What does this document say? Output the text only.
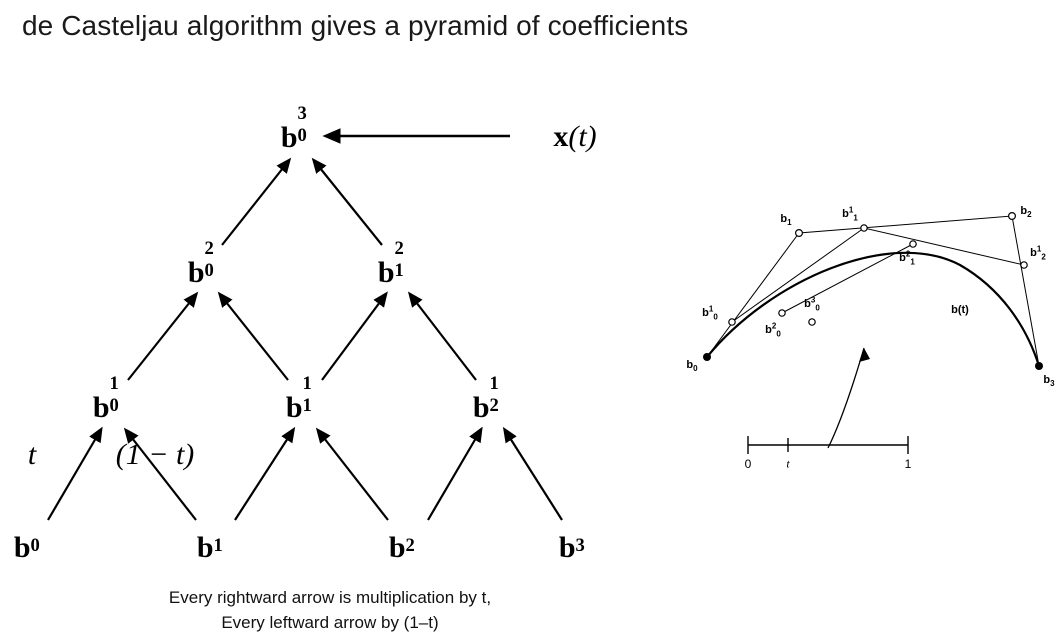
de Casteljau algorithm gives a pyramid of coefficients
b
3
0
b
2
0	b
2
1
b
1
0	b
1
1	b
1
2
b 0	b 1	b 2	b 3
t	(1 − t)
x(t)
Every rightward arrow is multiplication by t,
Every leftward arrow by (1–t)
$b_0$
$b_1$
$b_2$
$b_3$
$b^1_0$
$b^1_1$
$b^1_2$
$b^2_0$
$b^2_1$
$b^3_0$	b(t)
0	t	1
